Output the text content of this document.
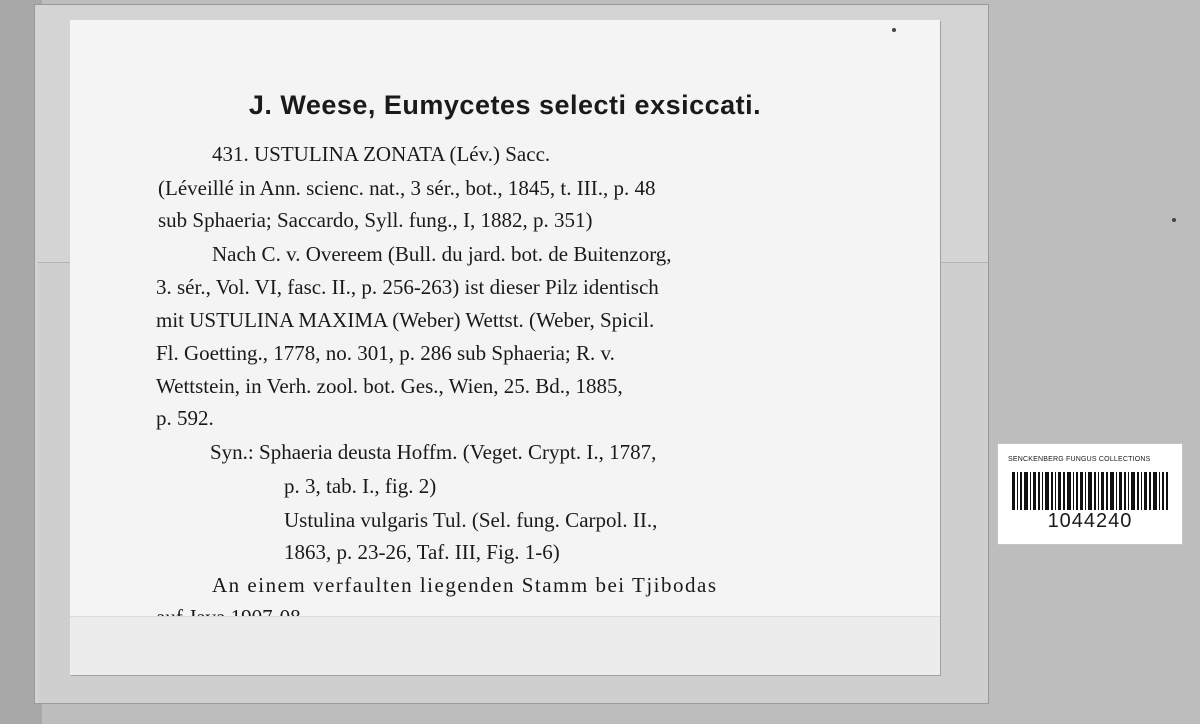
J. Weese, Eumycetes selecti exsiccati.
431. USTULINA ZONATA (Lév.) Sacc.
(Léveillé in Ann. scienc. nat., 3 sér., bot., 1845, t. III., p. 48
sub Sphaeria; Saccardo, Syll. fung., I, 1882, p. 351)
Nach C. v. Overeem (Bull. du jard. bot. de Buitenzorg,
3. sér., Vol. VI, fasc. II., p. 256-263) ist dieser Pilz identisch
mit USTULINA MAXIMA (Weber) Wettst. (Weber, Spicil.
Fl. Goetting., 1778, no. 301, p. 286 sub Sphaeria; R. v.
Wettstein, in Verh. zool. bot. Ges., Wien, 25. Bd., 1885,
p. 592.
Syn.: Sphaeria deusta Hoffm. (Veget. Crypt. I., 1787,
p. 3, tab. I., fig. 2)
Ustulina vulgaris Tul. (Sel. fung. Carpol. II.,
1863, p. 23-26, Taf. III, Fig. 1-6)
An einem verfaulten liegenden Stamm bei Tjibodas
SENCKENBERG FUNGUS COLLECTIONS
1044240
